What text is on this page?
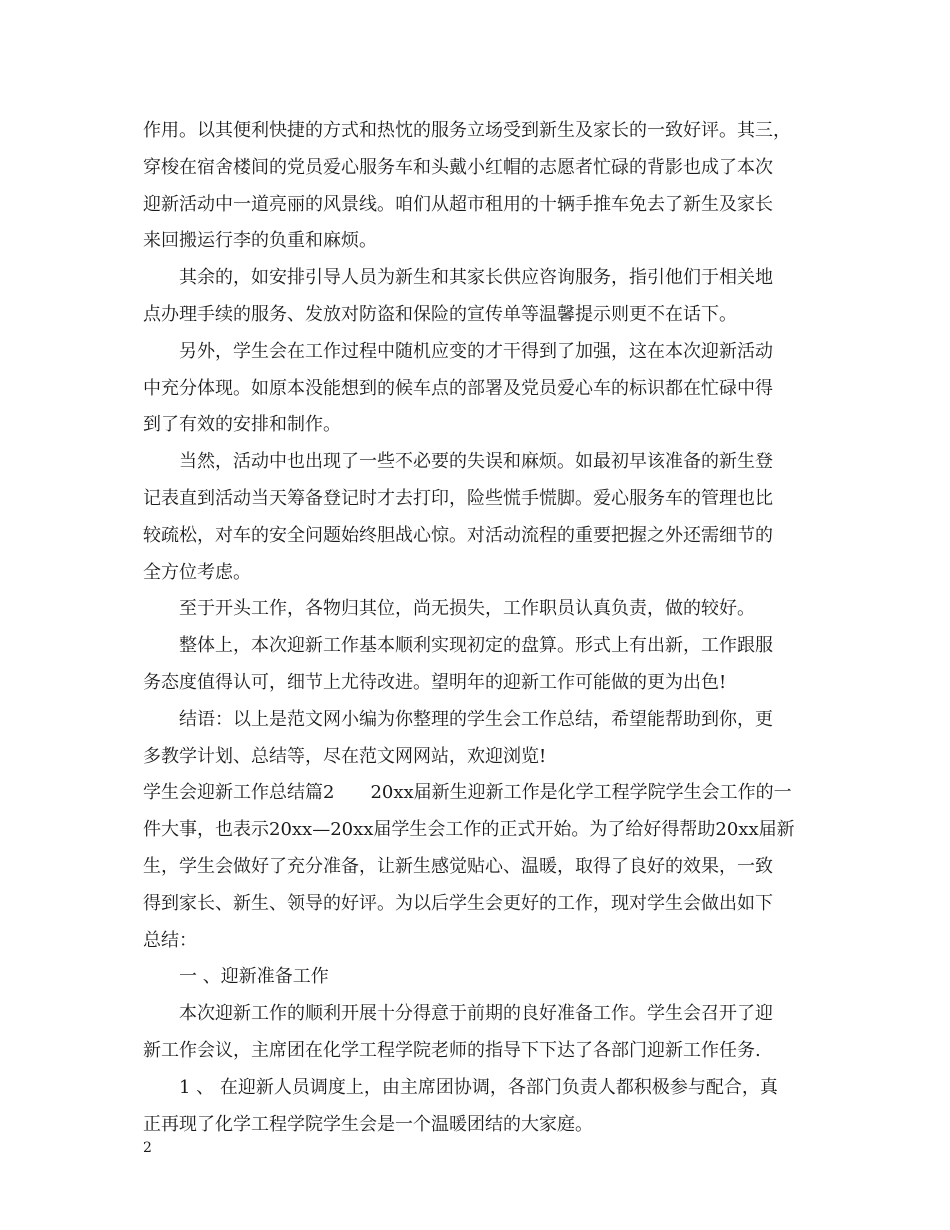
作用。以其便利快捷的方式和热忱的服务立场受到新生及家长的一致好评。其三，
穿梭在宿舍楼间的党员爱心服务车和头戴小红帽的志愿者忙碌的背影也成了本次
迎新活动中一道亮丽的风景线。咱们从超市租用的十辆手推车免去了新生及家长
来回搬运行李的负重和麻烦。
其余的，如安排引导人员为新生和其家长供应咨询服务，指引他们于相关地
点办理手续的服务、发放对防盗和保险的宣传单等温馨提示则更不在话下。
另外，学生会在工作过程中随机应变的才干得到了加强，这在本次迎新活动
中充分体现。如原本没能想到的候车点的部署及党员爱心车的标识都在忙碌中得
到了有效的安排和制作。
当然，活动中也出现了一些不必要的失误和麻烦。如最初早该准备的新生登
记表直到活动当天筹备登记时才去打印，险些慌手慌脚。爱心服务车的管理也比
较疏松，对车的安全问题始终胆战心惊。对活动流程的重要把握之外还需细节的
全方位考虑。
至于开头工作，各物归其位，尚无损失，工作职员认真负责，做的较好。
整体上，本次迎新工作基本顺利实现初定的盘算。形式上有出新，工作跟服
务态度值得认可，细节上尤待改进。望明年的迎新工作可能做的更为出色!
结语：以上是范文网小编为你整理的学生会工作总结，希望能帮助到你，更
多教学计划、总结等，尽在范文网网站，欢迎浏览!
学生会迎新工作总结篇2　　20xx届新生迎新工作是化学工程学院学生会工作的一
件大事，也表示20xx—20xx届学生会工作的正式开始。为了给好得帮助20xx届新
生，学生会做好了充分准备，让新生感觉贴心、温暖，取得了良好的效果，一致
得到家长、新生、领导的好评。为以后学生会更好的工作，现对学生会做出如下
总结：
一 、迎新准备工作
本次迎新工作的顺利开展十分得意于前期的良好准备工作。学生会召开了迎
新工作会议，主席团在化学工程学院老师的指导下下达了各部门迎新工作任务.
1 、 在迎新人员调度上，由主席团协调，各部门负责人都积极参与配合，真
正再现了化学工程学院学生会是一个温暖团结的大家庭。
2
